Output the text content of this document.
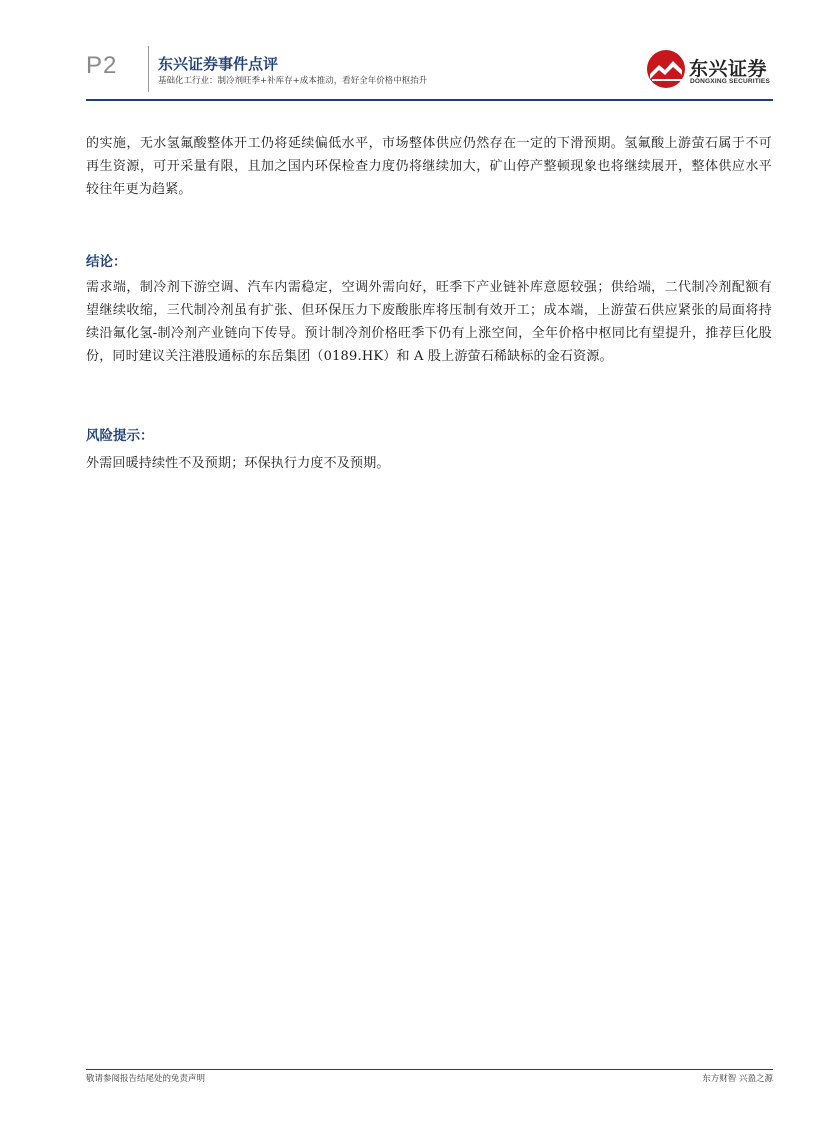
P2	东兴证券事件点评
基础化工行业：制冷剂旺季+补库存+成本推动，看好全年价格中枢抬升
东兴证券
DONGXING SECURITIES

的实施，无水氢氟酸整体开工仍将延续偏低水平，市场整体供应仍然存在一定的下滑预期。氢氟酸上游萤石属于不可再生资源，可开采量有限，且加之国内环保检查力度仍将继续加大，矿山停产整顿现象也将继续展开，整体供应水平较往年更为趋紧。

结论：

需求端，制冷剂下游空调、汽车内需稳定，空调外需向好，旺季下产业链补库意愿较强；供给端，二代制冷剂配额有望继续收缩，三代制冷剂虽有扩张、但环保压力下废酸胀库将压制有效开工；成本端，上游萤石供应紧张的局面将持续沿氟化氢-制冷剂产业链向下传导。预计制冷剂价格旺季下仍有上涨空间，全年价格中枢同比有望提升，推荐巨化股份，同时建议关注港股通标的东岳集团（0189.HK）和 A 股上游萤石稀缺标的金石资源。

风险提示：

外需回暖持续性不及预期；环保执行力度不及预期。

敬请参阅报告结尾处的免责声明	东方财智 兴盈之源
